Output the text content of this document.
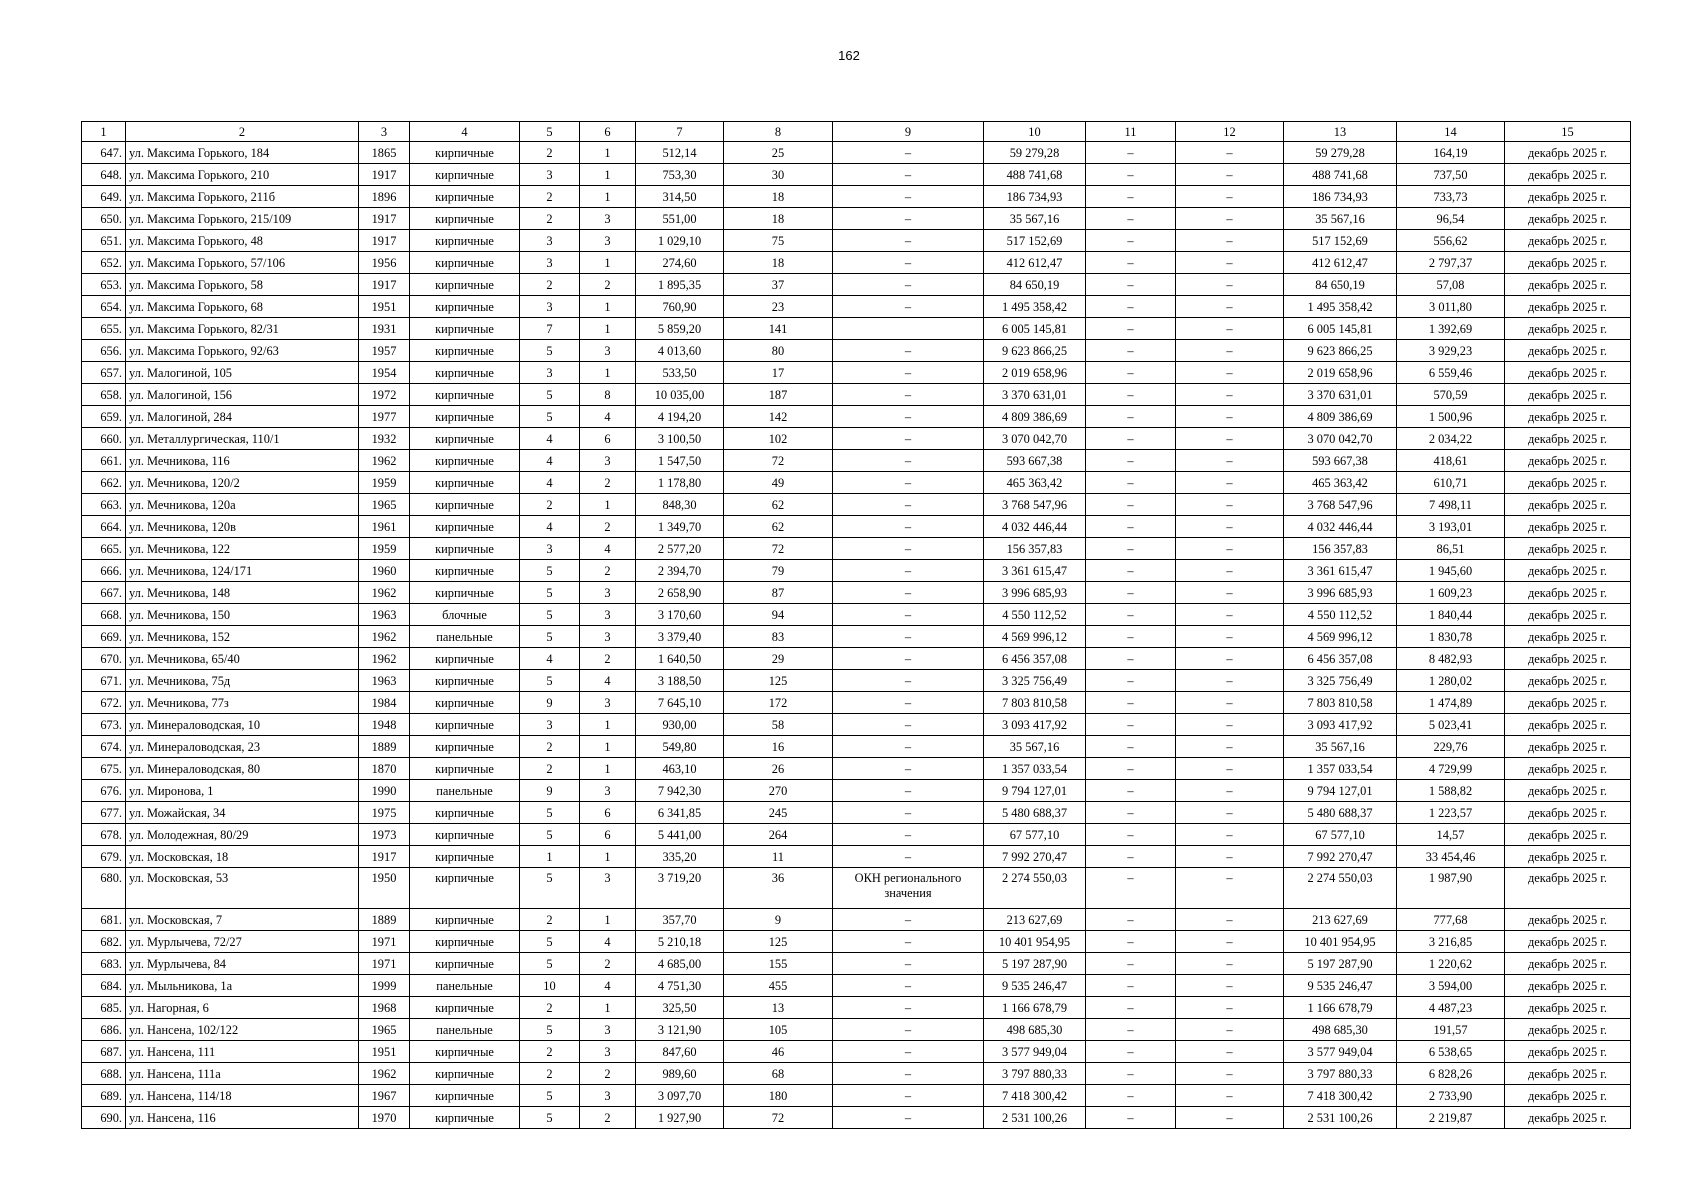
162
1	2	3	4	5	6	7	8	9	10	11	12	13	14	15
647.	ул. Максима Горького, 184	1865	кирпичные	2	1	512,14	25	–	59 279,28	–	–	59 279,28	164,19	декабрь 2025 г.
648.	ул. Максима Горького, 210	1917	кирпичные	3	1	753,30	30	–	488 741,68	–	–	488 741,68	737,50	декабрь 2025 г.
649.	ул. Максима Горького, 211б	1896	кирпичные	2	1	314,50	18	–	186 734,93	–	–	186 734,93	733,73	декабрь 2025 г.
650.	ул. Максима Горького, 215/109	1917	кирпичные	2	3	551,00	18	–	35 567,16	–	–	35 567,16	96,54	декабрь 2025 г.
651.	ул. Максима Горького, 48	1917	кирпичные	3	3	1 029,10	75	–	517 152,69	–	–	517 152,69	556,62	декабрь 2025 г.
652.	ул. Максима Горького, 57/106	1956	кирпичные	3	1	274,60	18	–	412 612,47	–	–	412 612,47	2 797,37	декабрь 2025 г.
653.	ул. Максима Горького, 58	1917	кирпичные	2	2	1 895,35	37	–	84 650,19	–	–	84 650,19	57,08	декабрь 2025 г.
654.	ул. Максима Горького, 68	1951	кирпичные	3	1	760,90	23	–	1 495 358,42	–	–	1 495 358,42	3 011,80	декабрь 2025 г.
655.	ул. Максима Горького, 82/31	1931	кирпичные	7	1	5 859,20	141		6 005 145,81	–	–	6 005 145,81	1 392,69	декабрь 2025 г.
656.	ул. Максима Горького, 92/63	1957	кирпичные	5	3	4 013,60	80	–	9 623 866,25	–	–	9 623 866,25	3 929,23	декабрь 2025 г.
657.	ул. Малогиной, 105	1954	кирпичные	3	1	533,50	17	–	2 019 658,96	–	–	2 019 658,96	6 559,46	декабрь 2025 г.
658.	ул. Малогиной, 156	1972	кирпичные	5	8	10 035,00	187	–	3 370 631,01	–	–	3 370 631,01	570,59	декабрь 2025 г.
659.	ул. Малогиной, 284	1977	кирпичные	5	4	4 194,20	142	–	4 809 386,69	–	–	4 809 386,69	1 500,96	декабрь 2025 г.
660.	ул. Металлургическая, 110/1	1932	кирпичные	4	6	3 100,50	102	–	3 070 042,70	–	–	3 070 042,70	2 034,22	декабрь 2025 г.
661.	ул. Мечникова, 116	1962	кирпичные	4	3	1 547,50	72	–	593 667,38	–	–	593 667,38	418,61	декабрь 2025 г.
662.	ул. Мечникова, 120/2	1959	кирпичные	4	2	1 178,80	49	–	465 363,42	–	–	465 363,42	610,71	декабрь 2025 г.
663.	ул. Мечникова, 120а	1965	кирпичные	2	1	848,30	62	–	3 768 547,96	–	–	3 768 547,96	7 498,11	декабрь 2025 г.
664.	ул. Мечникова, 120в	1961	кирпичные	4	2	1 349,70	62	–	4 032 446,44	–	–	4 032 446,44	3 193,01	декабрь 2025 г.
665.	ул. Мечникова, 122	1959	кирпичные	3	4	2 577,20	72	–	156 357,83	–	–	156 357,83	86,51	декабрь 2025 г.
666.	ул. Мечникова, 124/171	1960	кирпичные	5	2	2 394,70	79	–	3 361 615,47	–	–	3 361 615,47	1 945,60	декабрь 2025 г.
667.	ул. Мечникова, 148	1962	кирпичные	5	3	2 658,90	87	–	3 996 685,93	–	–	3 996 685,93	1 609,23	декабрь 2025 г.
668.	ул. Мечникова, 150	1963	блочные	5	3	3 170,60	94	–	4 550 112,52	–	–	4 550 112,52	1 840,44	декабрь 2025 г.
669.	ул. Мечникова, 152	1962	панельные	5	3	3 379,40	83	–	4 569 996,12	–	–	4 569 996,12	1 830,78	декабрь 2025 г.
670.	ул. Мечникова, 65/40	1962	кирпичные	4	2	1 640,50	29	–	6 456 357,08	–	–	6 456 357,08	8 482,93	декабрь 2025 г.
671.	ул. Мечникова, 75д	1963	кирпичные	5	4	3 188,50	125	–	3 325 756,49	–	–	3 325 756,49	1 280,02	декабрь 2025 г.
672.	ул. Мечникова, 77з	1984	кирпичные	9	3	7 645,10	172	–	7 803 810,58	–	–	7 803 810,58	1 474,89	декабрь 2025 г.
673.	ул. Минераловодская, 10	1948	кирпичные	3	1	930,00	58	–	3 093 417,92	–	–	3 093 417,92	5 023,41	декабрь 2025 г.
674.	ул. Минераловодская, 23	1889	кирпичные	2	1	549,80	16	–	35 567,16	–	–	35 567,16	229,76	декабрь 2025 г.
675.	ул. Минераловодская, 80	1870	кирпичные	2	1	463,10	26	–	1 357 033,54	–	–	1 357 033,54	4 729,99	декабрь 2025 г.
676.	ул. Миронова, 1	1990	панельные	9	3	7 942,30	270	–	9 794 127,01	–	–	9 794 127,01	1 588,82	декабрь 2025 г.
677.	ул. Можайская, 34	1975	кирпичные	5	6	6 341,85	245	–	5 480 688,37	–	–	5 480 688,37	1 223,57	декабрь 2025 г.
678.	ул. Молодежная, 80/29	1973	кирпичные	5	6	5 441,00	264	–	67 577,10	–	–	67 577,10	14,57	декабрь 2025 г.
679.	ул. Московская, 18	1917	кирпичные	1	1	335,20	11	–	7 992 270,47	–	–	7 992 270,47	33 454,46	декабрь 2025 г.
680.	ул. Московская, 53	1950	кирпичные	5	3	3 719,20	36	ОКН регионального значения	2 274 550,03	–	–	2 274 550,03	1 987,90	декабрь 2025 г.
681.	ул. Московская, 7	1889	кирпичные	2	1	357,70	9	–	213 627,69	–	–	213 627,69	777,68	декабрь 2025 г.
682.	ул. Мурлычева, 72/27	1971	кирпичные	5	4	5 210,18	125	–	10 401 954,95	–	–	10 401 954,95	3 216,85	декабрь 2025 г.
683.	ул. Мурлычева, 84	1971	кирпичные	5	2	4 685,00	155	–	5 197 287,90	–	–	5 197 287,90	1 220,62	декабрь 2025 г.
684.	ул. Мыльникова, 1а	1999	панельные	10	4	4 751,30	455	–	9 535 246,47	–	–	9 535 246,47	3 594,00	декабрь 2025 г.
685.	ул. Нагорная, 6	1968	кирпичные	2	1	325,50	13	–	1 166 678,79	–	–	1 166 678,79	4 487,23	декабрь 2025 г.
686.	ул. Нансена, 102/122	1965	панельные	5	3	3 121,90	105	–	498 685,30	–	–	498 685,30	191,57	декабрь 2025 г.
687.	ул. Нансена, 111	1951	кирпичные	2	3	847,60	46	–	3 577 949,04	–	–	3 577 949,04	6 538,65	декабрь 2025 г.
688.	ул. Нансена, 111а	1962	кирпичные	2	2	989,60	68	–	3 797 880,33	–	–	3 797 880,33	6 828,26	декабрь 2025 г.
689.	ул. Нансена, 114/18	1967	кирпичные	5	3	3 097,70	180	–	7 418 300,42	–	–	7 418 300,42	2 733,90	декабрь 2025 г.
690.	ул. Нансена, 116	1970	кирпичные	5	2	1 927,90	72	–	2 531 100,26	–	–	2 531 100,26	2 219,87	декабрь 2025 г.
